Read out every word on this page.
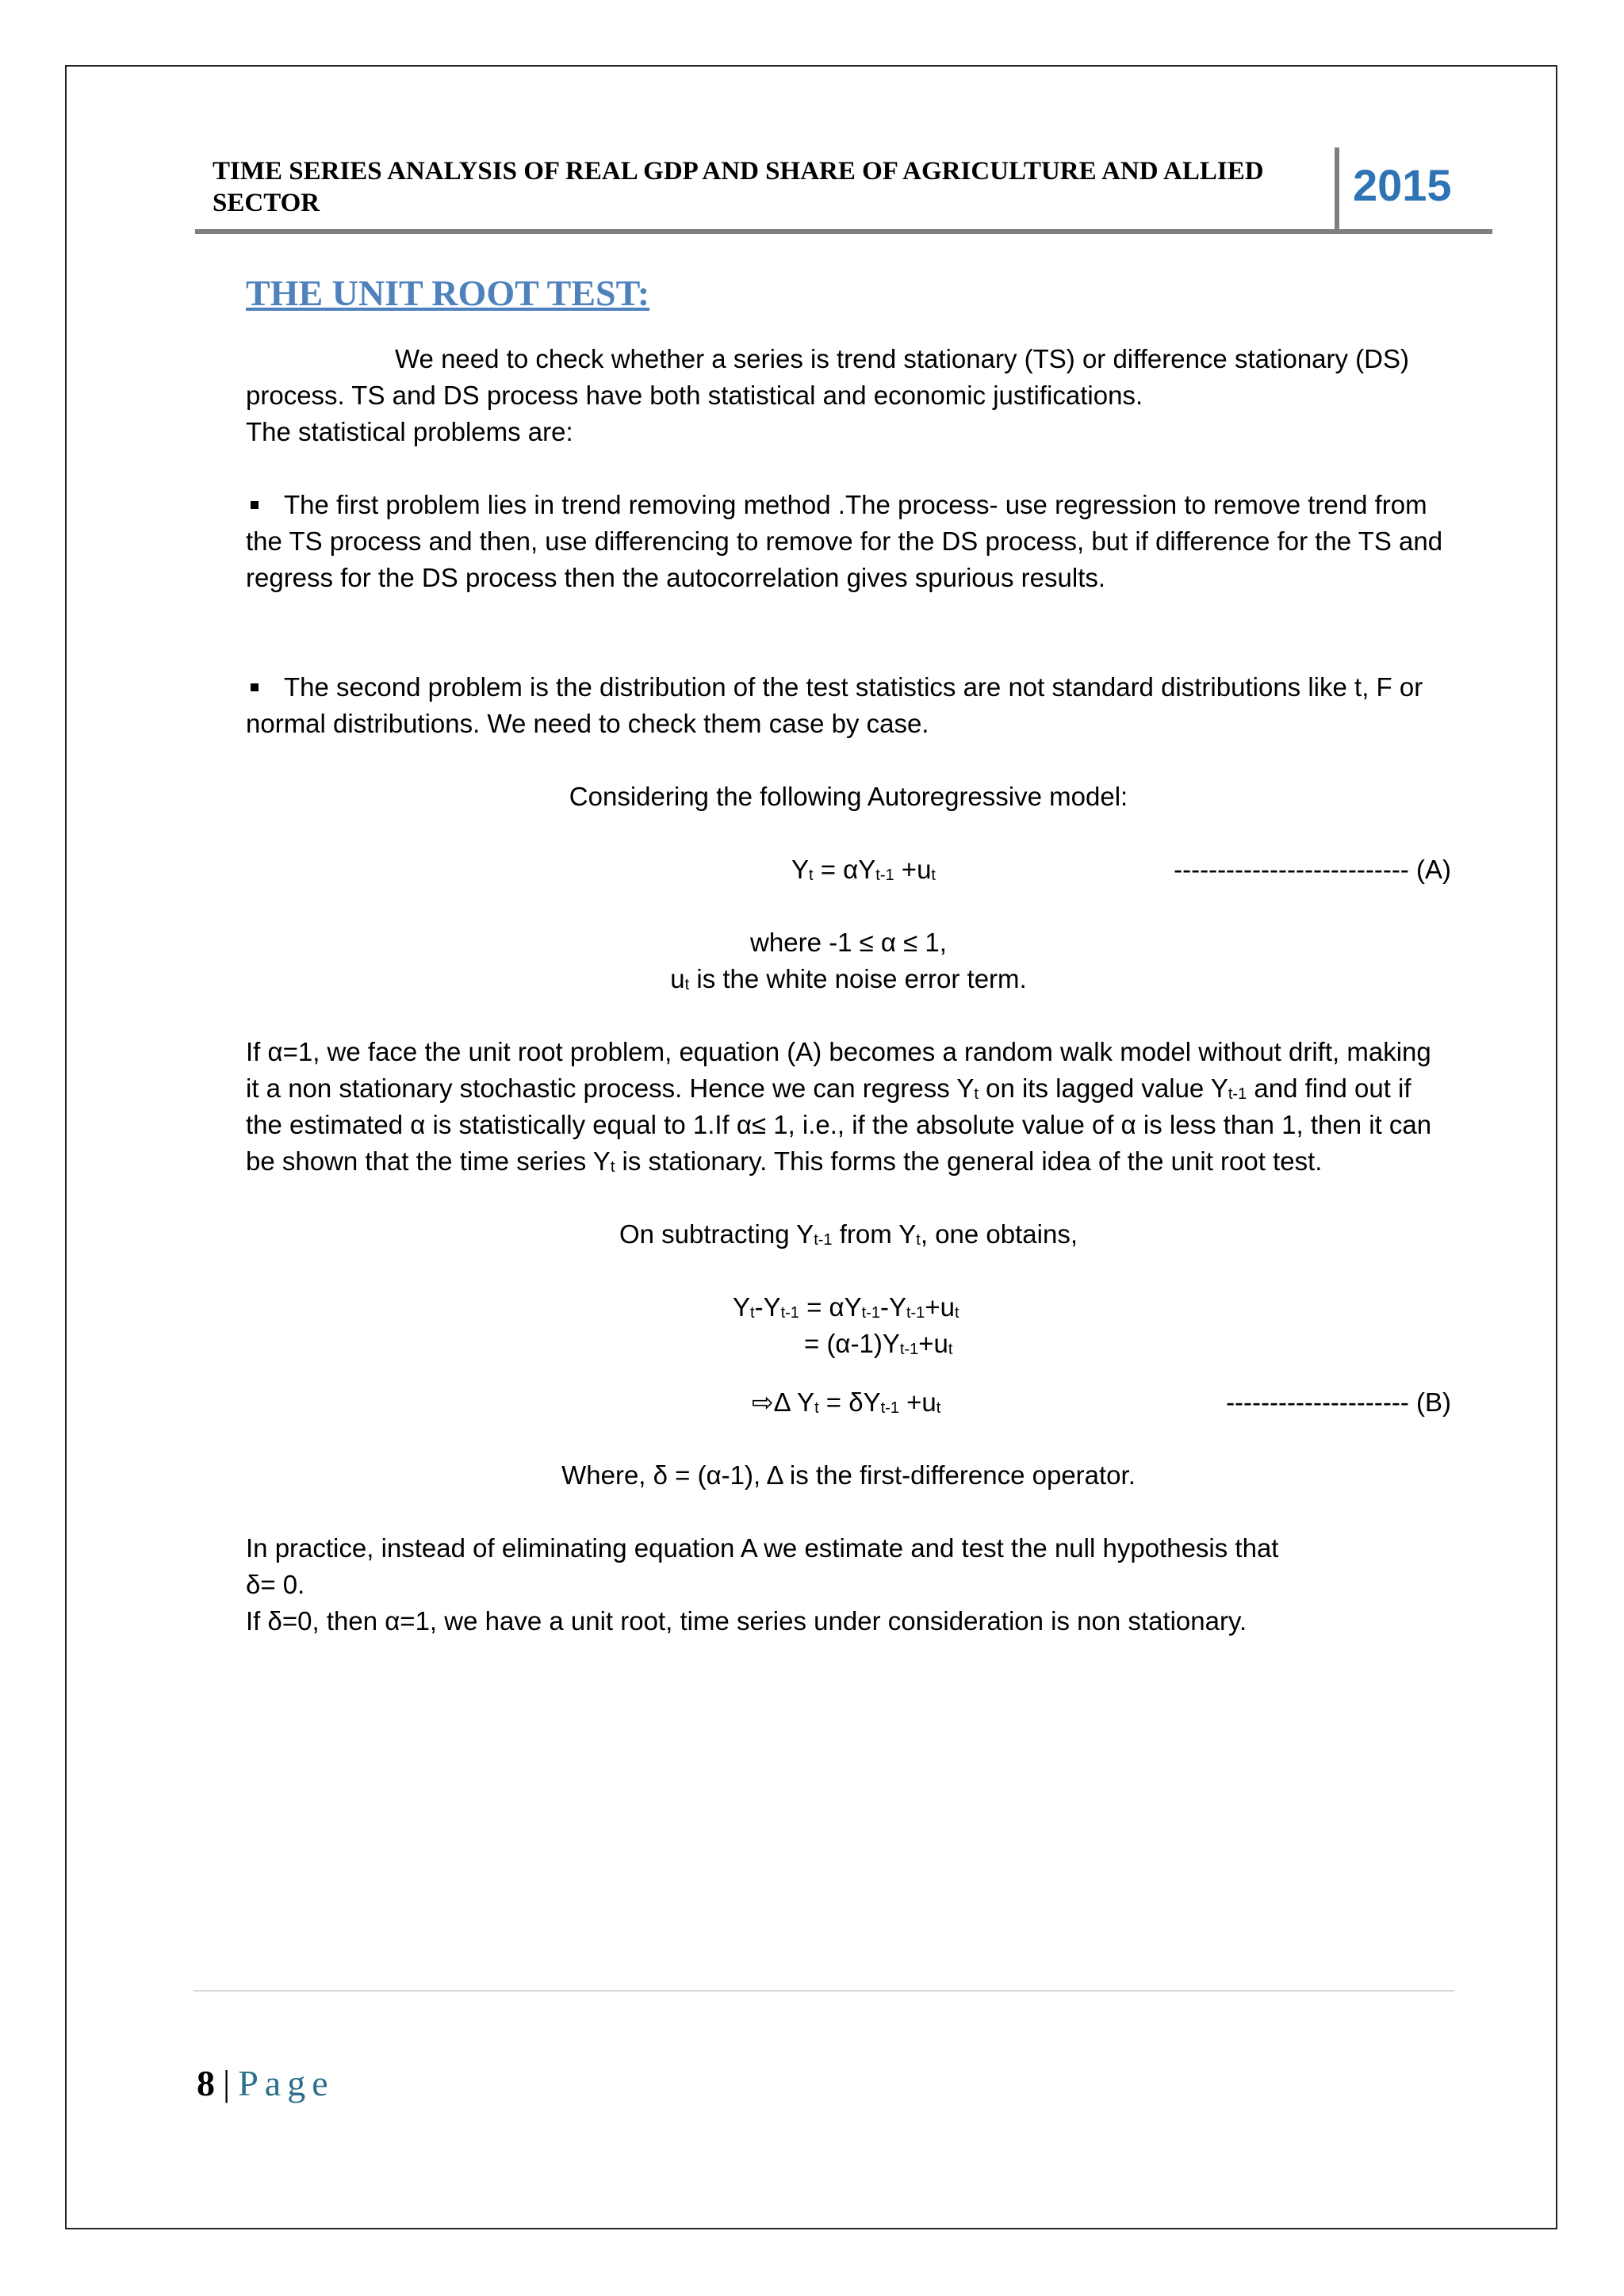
TIME SERIES ANALYSIS OF REAL GDP AND SHARE OF AGRICULTURE AND ALLIED SECTOR	2015
THE UNIT ROOT TEST:

We need to check whether a series is trend stationary (TS) or difference stationary (DS) process. TS and DS process have both statistical and economic justifications.

The statistical problems are:

The first problem lies in trend removing method .The process- use regression to remove trend from the TS process and then, use differencing to remove for the DS process, but if difference for the TS and regress for the DS process then the autocorrelation gives spurious results.

The second problem is the distribution of the test statistics are not standard distributions like t, F or normal distributions. We need to check them case by case.

Considering the following Autoregressive model:

$Y_t = \alpha Y_{t-1} +u_t$	--------------------------- (A)

where -1 ≤ α ≤ 1,

$u_t$ is the white noise error term.

If α=1, we face the unit root problem, equation (A) becomes a random walk model without drift, making it a non stationary stochastic process. Hence we can regress $Y_t$ on its lagged value $Y_{t-1}$ and find out if the estimated α is statistically equal to 1.If α≤ 1, i.e., if the absolute value of α is less than 1, then it can be shown that the time series $Y_t$ is stationary. This forms the general idea of the unit root test.

On subtracting $Y_{t-1}$ from $Y_t$, one obtains,

$Y_t-Y_{t-1} = \alpha Y_{t-1}-Y_{t-1}+u_t$
= $(\alpha-1)Y_{t-1}+u_t$
⇨Δ $Y_t = \delta Y_{t-1} +u_t$	--------------------- (B)

Where, δ = (α-1), Δ is the first-difference operator.

In practice, instead of eliminating equation A we estimate and test the null hypothesis that

δ= 0.

If δ=0, then α=1, we have a unit root, time series under consideration is non stationary.

8 | Page
